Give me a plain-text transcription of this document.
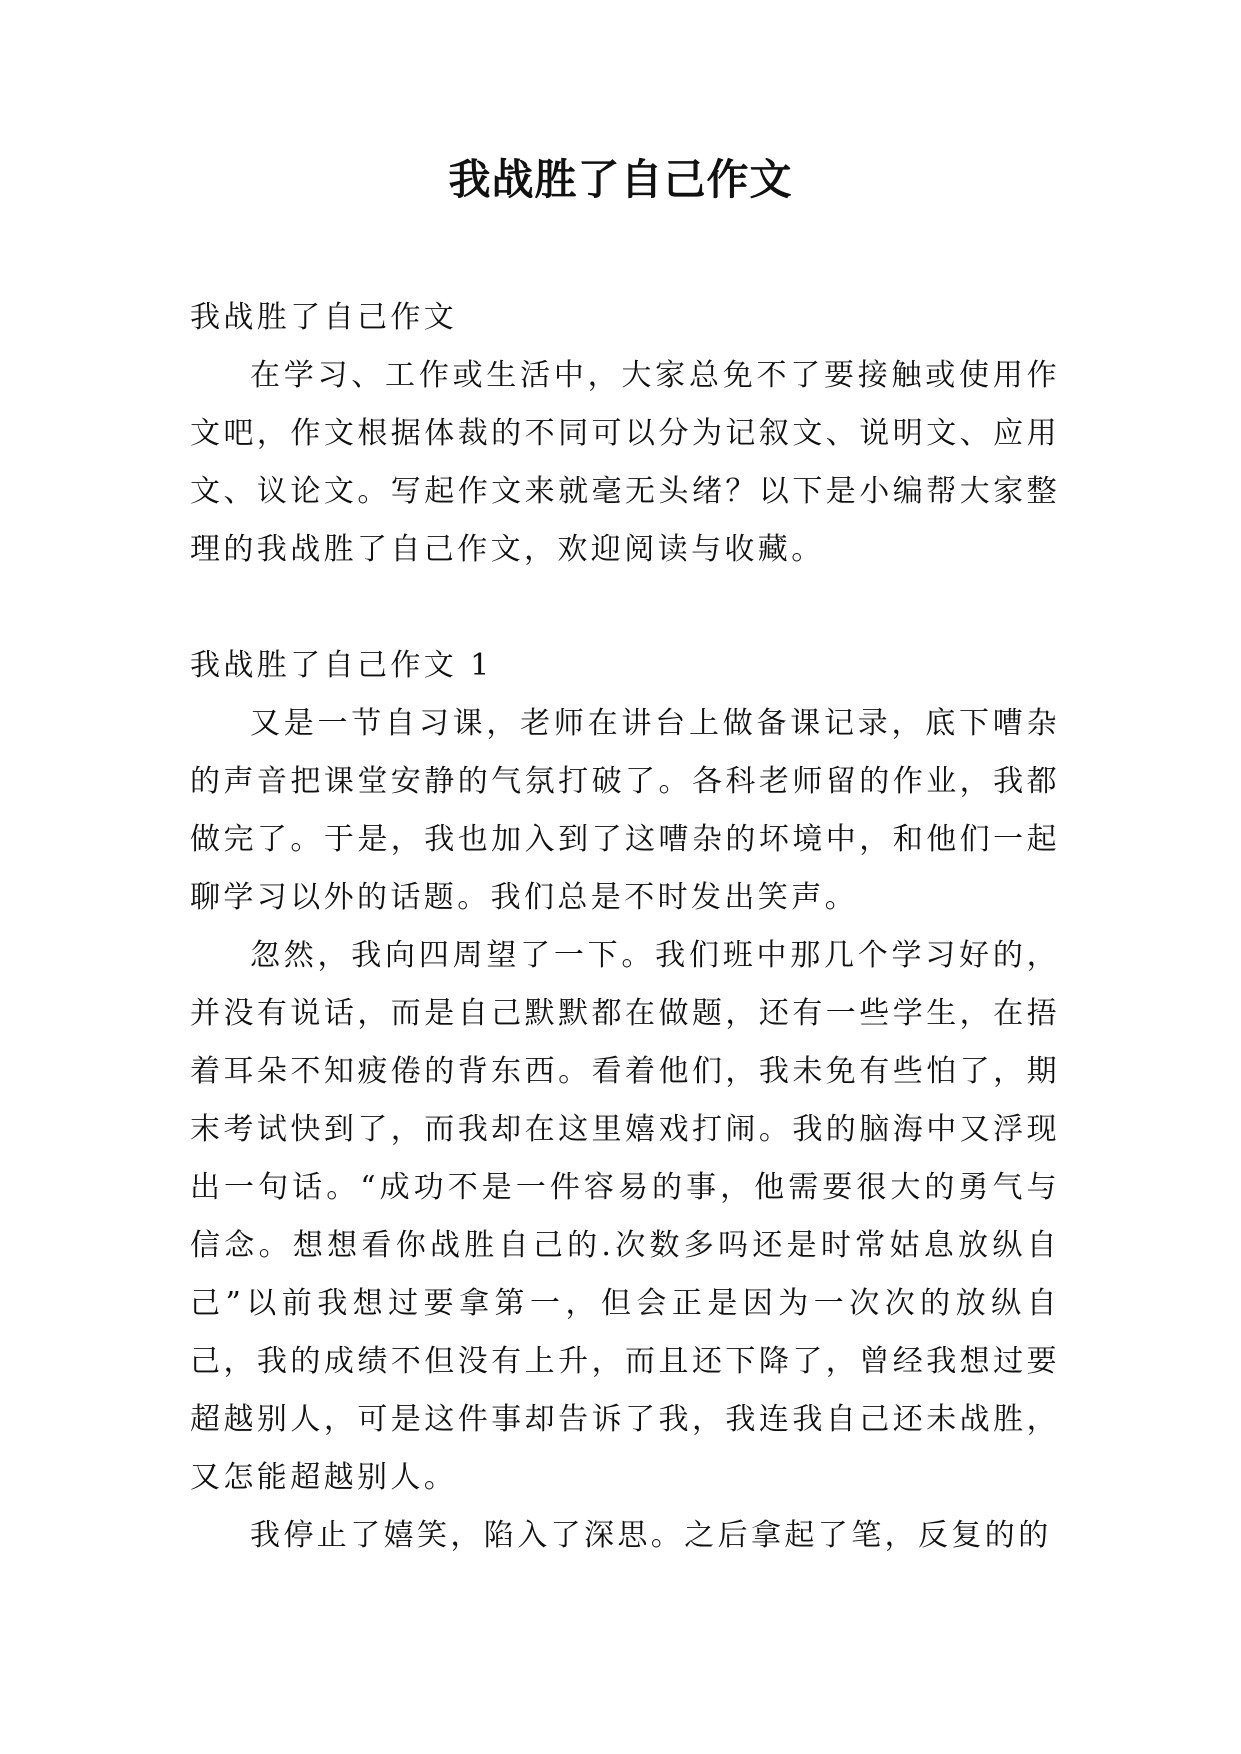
我战胜了自己作文

我战胜了自己作文

在学习、工作或生活中，大家总免不了要接触或使用作文吧，作文根据体裁的不同可以分为记叙文、说明文、应用文、议论文。写起作文来就毫无头绪？以下是小编帮大家整理的我战胜了自己作文，欢迎阅读与收藏。

我战胜了自己作文 1

又是一节自习课，老师在讲台上做备课记录，底下嘈杂的声音把课堂安静的气氛打破了。各科老师留的作业，我都做完了。于是，我也加入到了这嘈杂的坏境中，和他们一起聊学习以外的话题。我们总是不时发出笑声。

忽然，我向四周望了一下。我们班中那几个学习好的，并没有说话，而是自己默默都在做题，还有一些学生，在捂着耳朵不知疲倦的背东西。看着他们，我未免有些怕了，期末考试快到了，而我却在这里嬉戏打闹。我的脑海中又浮现出一句话。“成功不是一件容易的事，他需要很大的勇气与信念。想想看你战胜自己的.次数多吗还是时常姑息放纵自己”以前我想过要拿第一，但会正是因为一次次的放纵自己，我的成绩不但没有上升，而且还下降了，曾经我想过要超越别人，可是这件事却告诉了我，我连我自己还未战胜，又怎能超越别人。

我停止了嬉笑，陷入了深思。之后拿起了笔，反复的的
